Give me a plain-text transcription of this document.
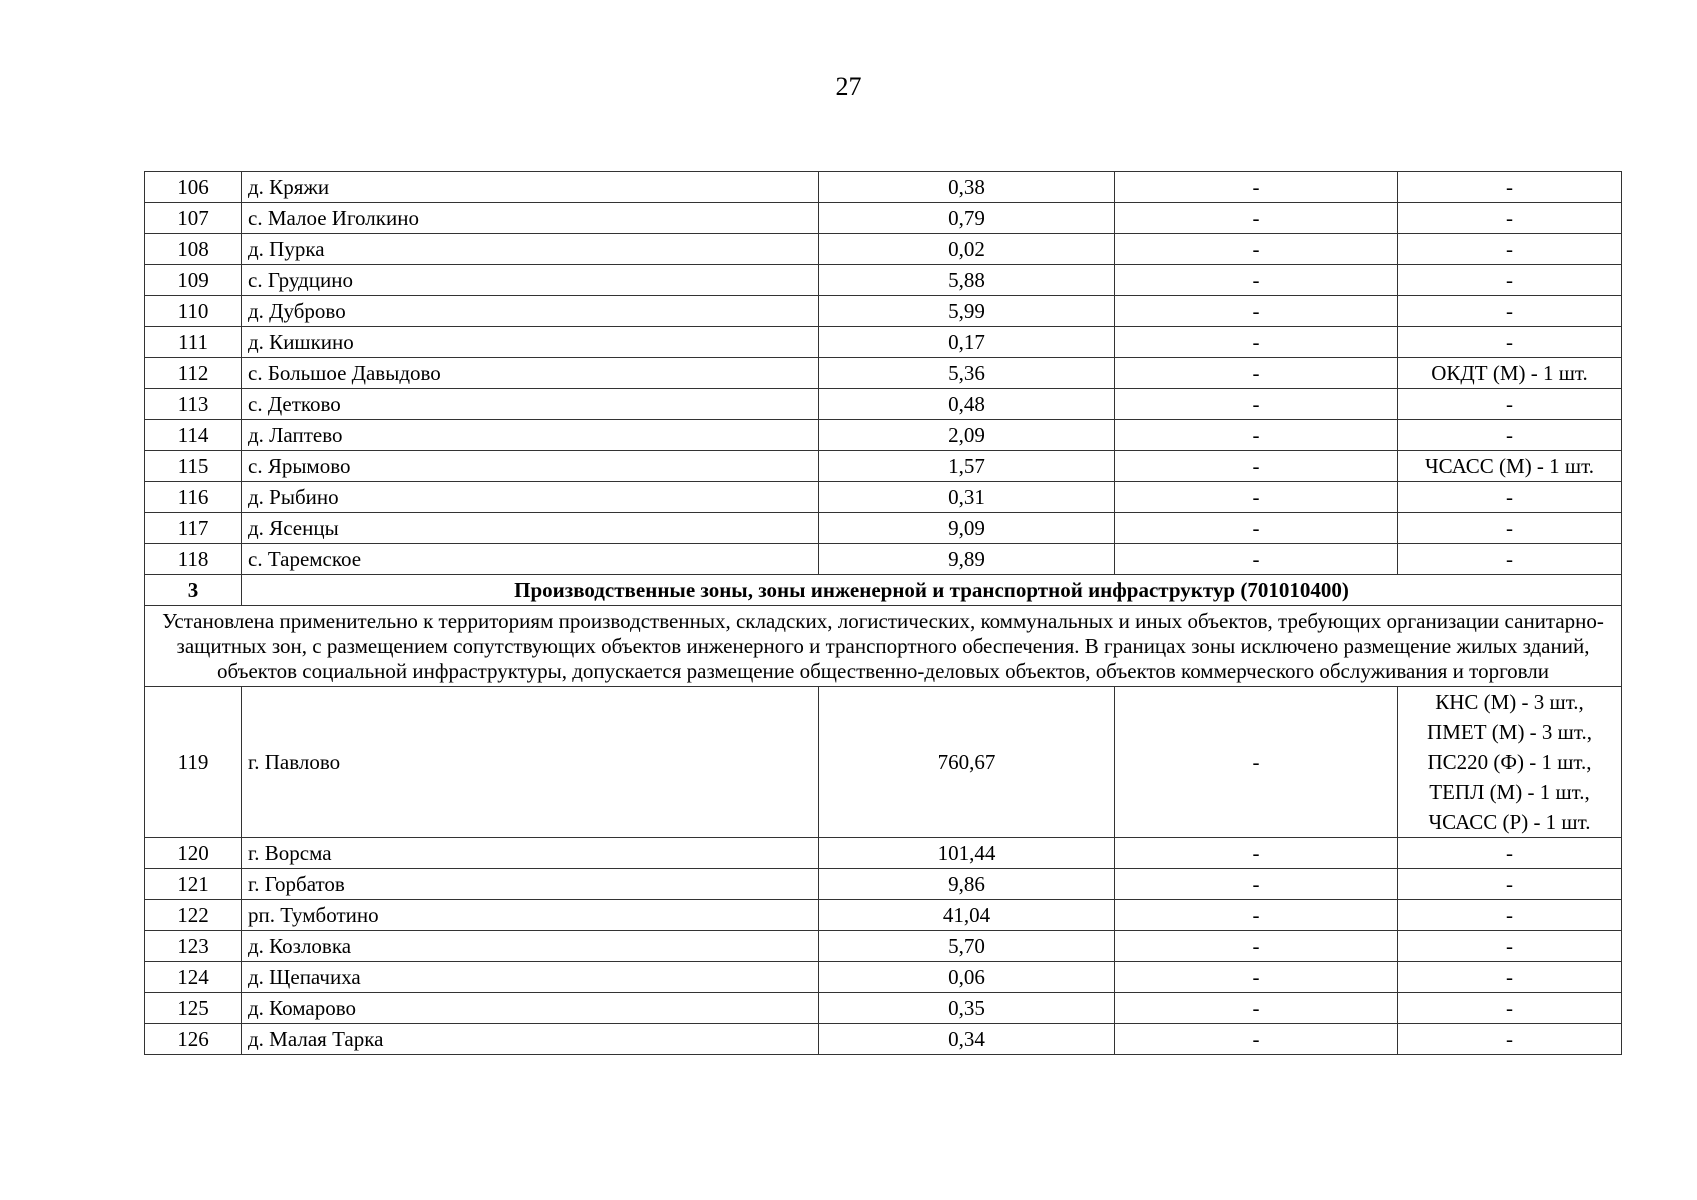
27
106	д. Кряжи	0,38	-	-
107	с. Малое Иголкино	0,79	-	-
108	д. Пурка	0,02	-	-
109	с. Грудцино	5,88	-	-
110	д. Дуброво	5,99	-	-
111	д. Кишкино	0,17	-	-
112	с. Большое Давыдово	5,36	-	ОКДТ (М) - 1 шт.
113	с. Детково	0,48	-	-
114	д. Лаптево	2,09	-	-
115	с. Ярымово	1,57	-	ЧСАСС (М) - 1 шт.
116	д. Рыбино	0,31	-	-
117	д. Ясенцы	9,09	-	-
118	с. Таремское	9,89	-	-
3	Производственные зоны, зоны инженерной и транспортной инфраструктур (701010400)			
Установлена применительно к территориям производственных, складских, логистических, коммунальных и иных объектов, требующих организации санитарно-защитных зон, с размещением сопутствующих объектов инженерного и транспортного обеспечения. В границах зоны исключено размещение жилых зданий, объектов социальной инфраструктуры, допускается размещение общественно-деловых объектов, объектов коммерческого обслуживания и торговли				
119	г. Павлово	760,67	-	КНС (М) - 3 шт.,
ПМЕТ (М) - 3 шт.,
ПС220 (Ф) - 1 шт.,
ТЕПЛ (М) - 1 шт.,
ЧСАСС (Р) - 1 шт.

120	г. Ворсма	101,44	-	-
121	г. Горбатов	9,86	-	-
122	рп. Тумботино	41,04	-	-
123	д. Козловка	5,70	-	-
124	д. Щепачиха	0,06	-	-
125	д. Комарово	0,35	-	-
126	д. Малая Тарка	0,34	-	-
